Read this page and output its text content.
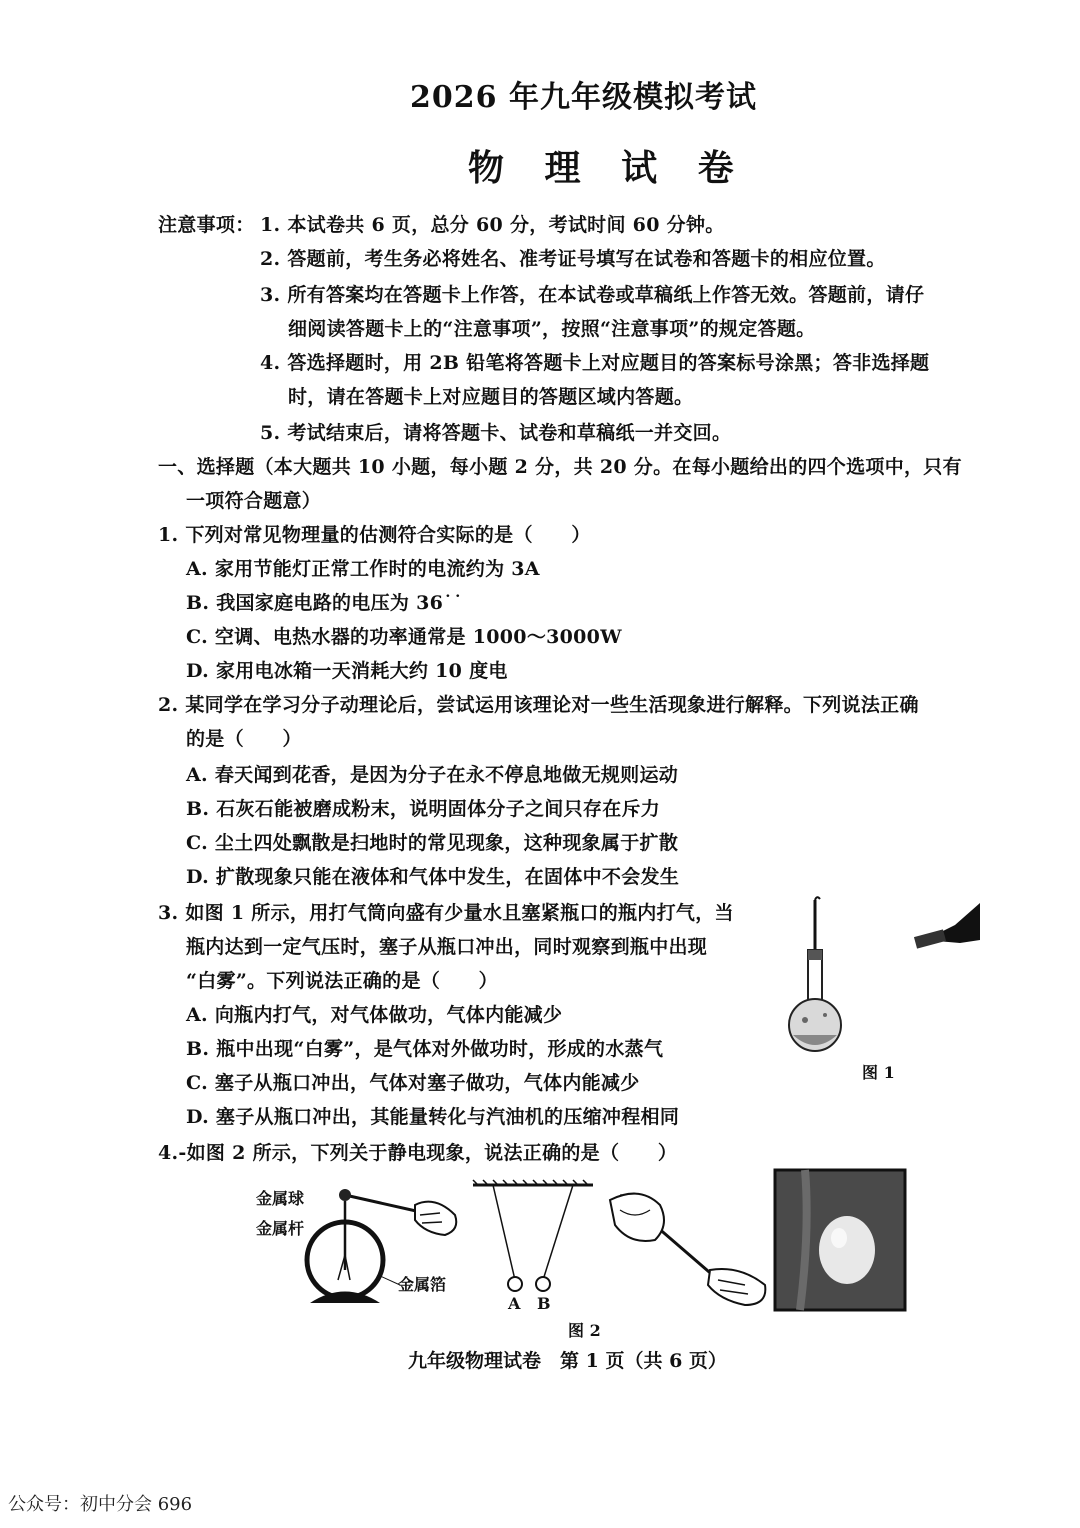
2026 年九年级模拟考试
物 理 试 卷
注意事项： 1. 本试卷共 6 页，总分 60 分，考试时间 60 分钟。
2. 答题前，考生务必将姓名、准考证号填写在试卷和答题卡的相应位置。
3. 所有答案均在答题卡上作答，在本试卷或草稿纸上作答无效。答题前，请仔
细阅读答题卡上的“注意事项”，按照“注意事项”的规定答题。
4. 答选择题时，用 2B 铅笔将答题卡上对应题目的答案标号涂黑；答非选择题
时，请在答题卡上对应题目的答题区域内答题。
5. 考试结束后，请将答题卡、试卷和草稿纸一并交回。
一、选择题（本大题共 10 小题，每小题 2 分，共 20 分。在每小题给出的四个选项中，只有
一项符合题意）
1. 下列对常见物理量的估测符合实际的是（　　）
A. 家用节能灯正常工作时的电流约为 3A
B. 我国家庭电路的电压为 36˙˙
C. 空调、电热水器的功率通常是 1000～3000W
D. 家用电冰箱一天消耗大约 10 度电
2. 某同学在学习分子动理论后，尝试运用该理论对一些生活现象进行解释。下列说法正确
的是（　　）
A. 春天闻到花香，是因为分子在永不停息地做无规则运动
B. 石灰石能被磨成粉末，说明固体分子之间只存在斥力
C. 尘土四处飘散是扫地时的常见现象，这种现象属于扩散
D. 扩散现象只能在液体和气体中发生，在固体中不会发生
3. 如图 1 所示，用打气筒向盛有少量水且塞紧瓶口的瓶内打气，当
瓶内达到一定气压时，塞子从瓶口冲出，同时观察到瓶中出现
“白雾”。下列说法正确的是（　　）
A. 向瓶内打气，对气体做功，气体内能减少
B. 瓶中出现“白雾”，是气体对外做功时，形成的水蒸气
C. 塞子从瓶口冲出，气体对塞子做功，气体内能减少
D. 塞子从瓶口冲出，其能量转化与汽油机的压缩冲程相同
图 1
4.-如图 2 所示，下列关于静电现象，说法正确的是（　　）
金属球
金属杆
金属箔
A B
图 2
九年级物理试卷　第 1 页（共 6 页）
公众号：初中分会 696
